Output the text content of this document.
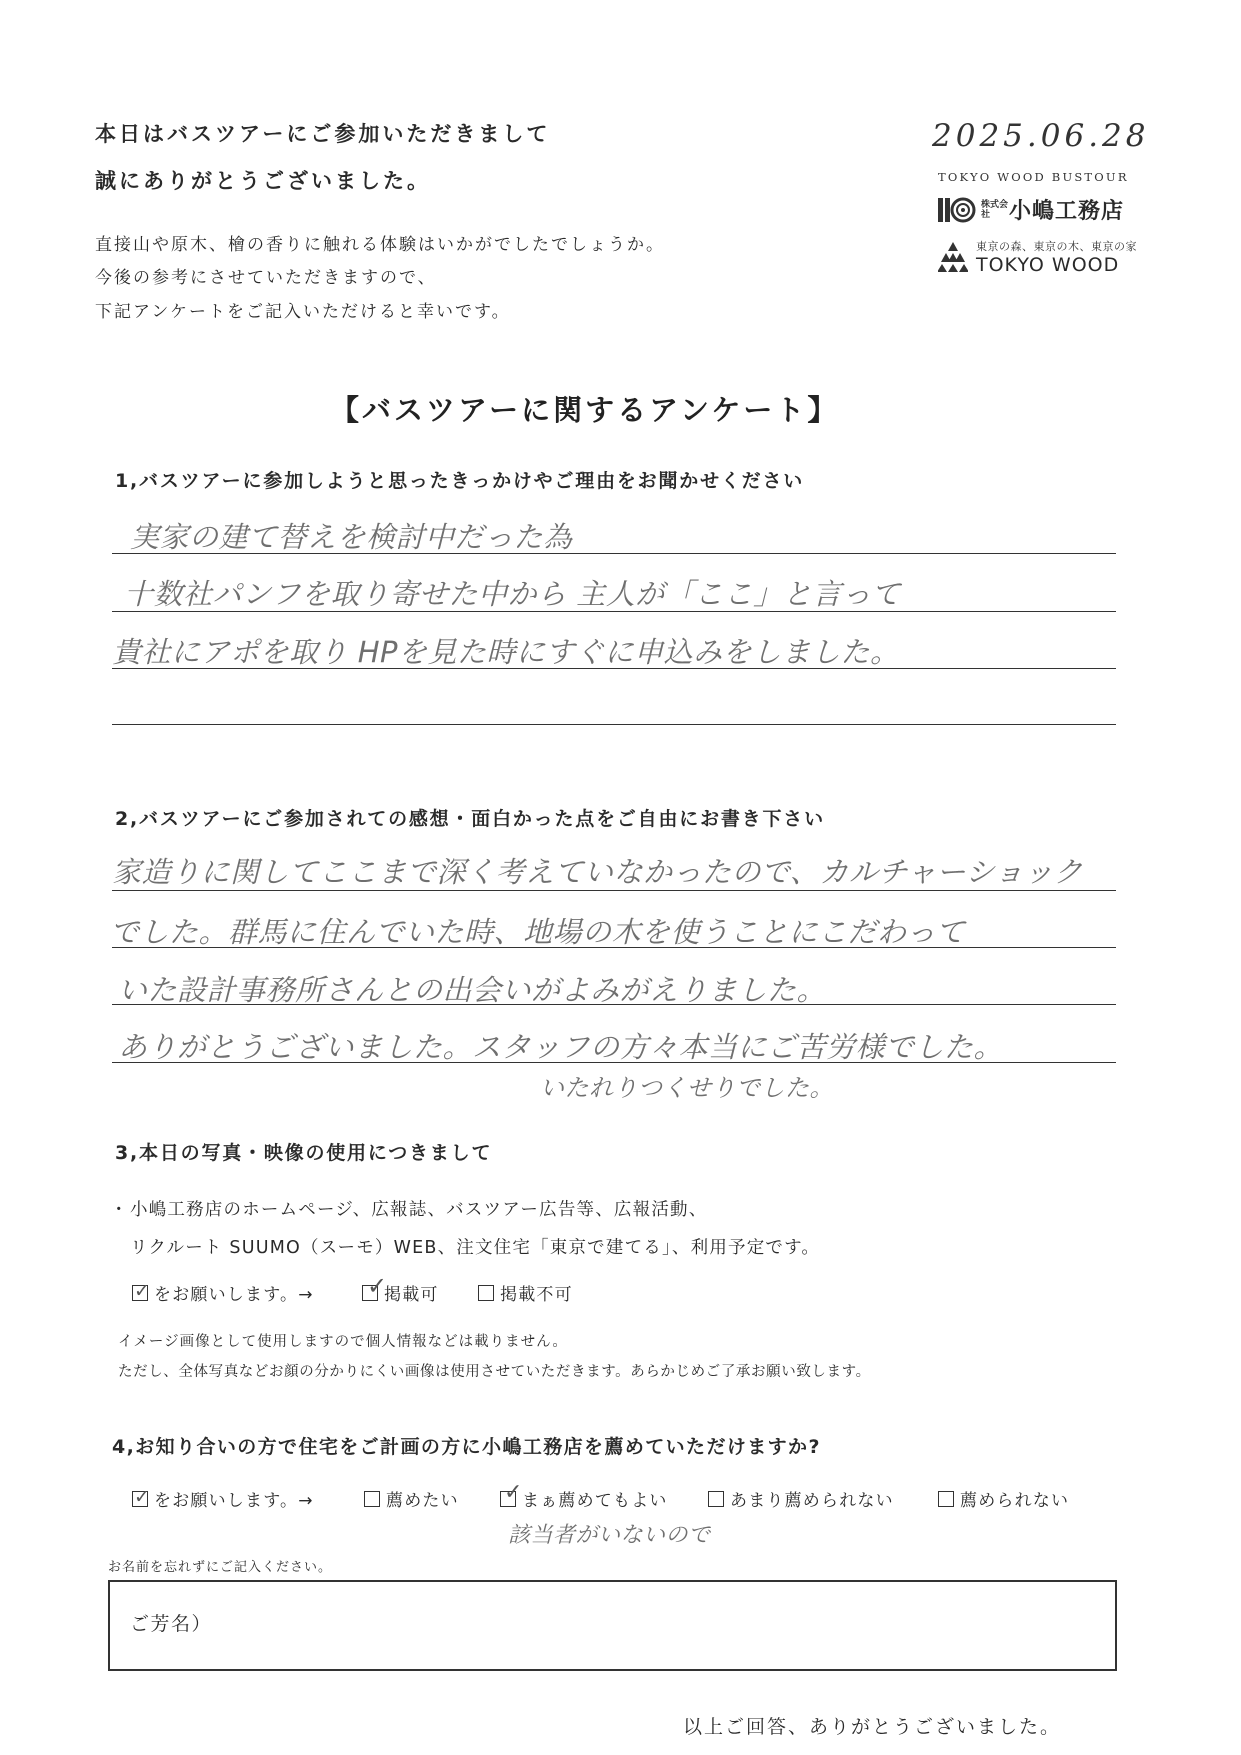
本日はバスツアーにご参加いただきまして
誠にありがとうございました。
直接山や原木、檜の香りに触れる体験はいかがでしたでしょうか。
今後の参考にさせていただきますので、
下記アンケートをご記入いただけると幸いです。
2025.06.28
TOKYO WOOD BUSTOUR
株式会社 小嶋工務店
東京の森、東京の木、東京の家
TOKYO WOOD
【バスツアーに関するアンケート】
1,バスツアーに参加しようと思ったきっかけやご理由をお聞かせください
実家の建て替えを検討中だった為
十数社パンフを取り寄せた中から 主人が「ここ」と言って
貴社にアポを取り HPを見た時にすぐに申込みをしました。
2,バスツアーにご参加されての感想・面白かった点をご自由にお書き下さい
家造りに関してここまで深く考えていなかったので、カルチャーショック
でした。群馬に住んでいた時、地場の木を使うことにこだわって
いた設計事務所さんとの出会いがよみがえりました。
ありがとうございました。スタッフの方々本当にご苦労様でした。
いたれりつくせりでした。
3,本日の写真・映像の使用につきまして
・ 小嶋工務店のホームページ、広報誌、バスツアー広告等、広報活動、
リクルート SUUMO（スーモ）WEB、注文住宅「東京で建てる」、利用予定です。
✓ をお願いします。→ ✓
掲載可	掲載不可
イメージ画像として使用しますので個人情報などは載りません。
ただし、全体写真などお顔の分かりにくい画像は使用させていただきます。あらかじめご了承お願い致します。
4,お知り合いの方で住宅をご計画の方に小嶋工務店を薦めていただけますか?
✓ をお願いします。→	薦めたい ✓
まぁ薦めてもよい	あまり薦められない	薦められない
該当者がいないので
お名前を忘れずにご記入ください。
ご芳名）
以上ご回答、ありがとうございました。
